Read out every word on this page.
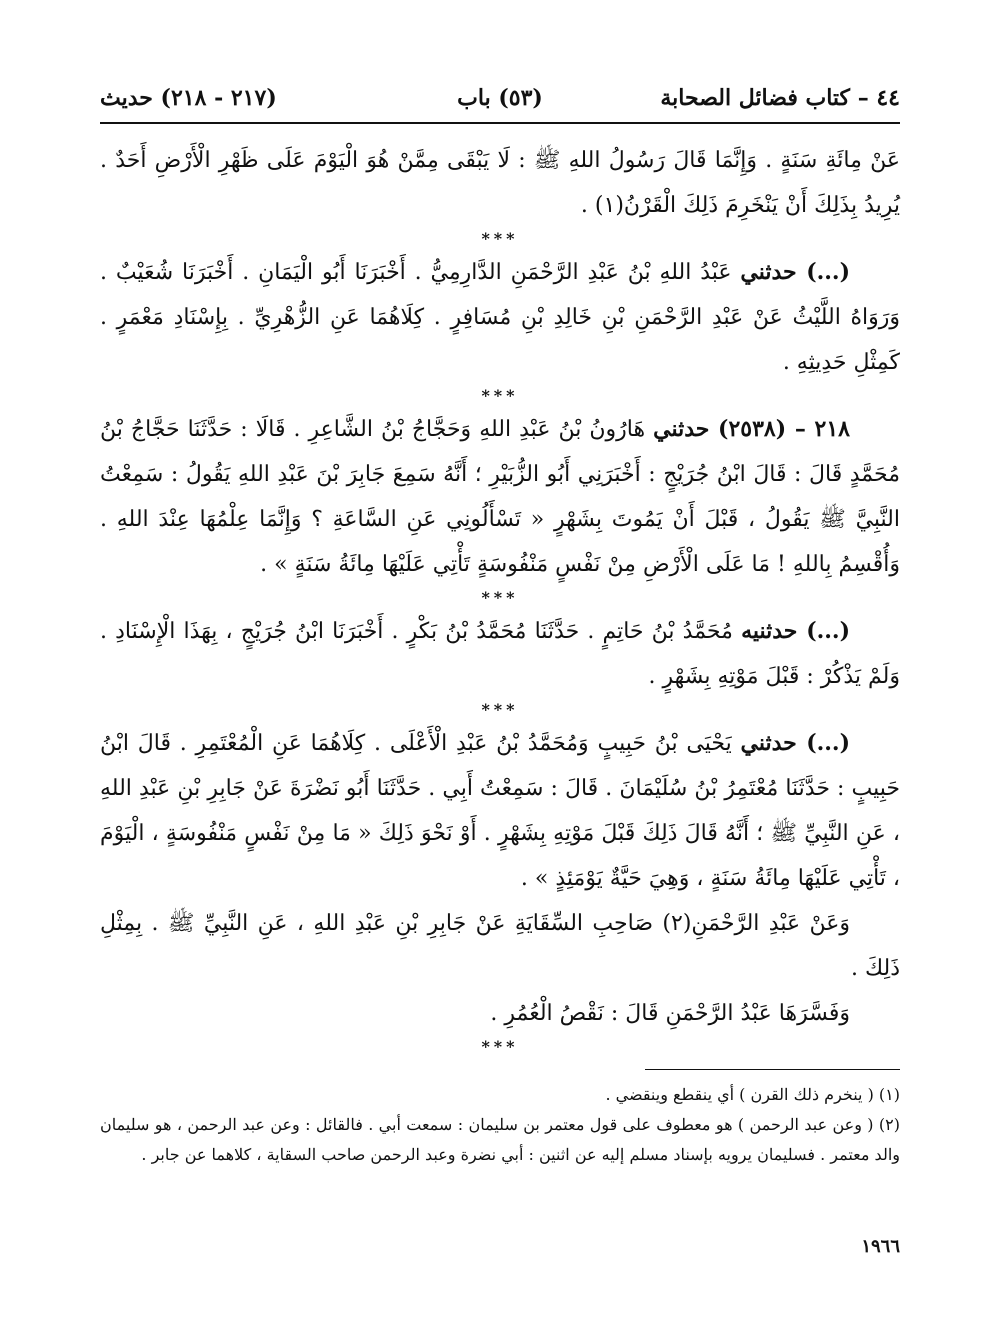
٤٤ – كتاب فضائل الصحابة
(٥٣) باب
(٢١٧ - ٢١٨) حديث

عَنْ مِائَةِ سَنَةٍ . وَإِنَّمَا قَالَ رَسُولُ اللهِ ﷺ : لَا يَبْقَى مِمَّنْ هُوَ الْيَوْمَ عَلَى ظَهْرِ الْأَرْضِ أَحَدٌ . يُرِيدُ بِذَلِكَ أَنْ يَنْخَرِمَ ذَلِكَ الْقَرْنُ(١) .

***

(...) حدثني عَبْدُ اللهِ بْنُ عَبْدِ الرَّحْمَنِ الدَّارِمِيُّ . أَخْبَرَنَا أَبُو الْيَمَانِ . أَخْبَرَنَا شُعَيْبٌ . وَرَوَاهُ اللَّيْثُ عَنْ عَبْدِ الرَّحْمَنِ بْنِ خَالِدِ بْنِ مُسَافِرٍ . كِلَاهُمَا عَنِ الزُّهْرِيِّ . بِإِسْنَادِ مَعْمَرٍ . كَمِثْلِ حَدِيثِهِ .

***

٢١٨ – (٢٥٣٨) حدثني هَارُونُ بْنُ عَبْدِ اللهِ وَحَجَّاجُ بْنُ الشَّاعِرِ . قَالَا : حَدَّثَنَا حَجَّاجُ بْنُ مُحَمَّدٍ قَالَ : قَالَ ابْنُ جُرَيْجٍ : أَخْبَرَنِي أَبُو الزُّبَيْرِ ؛ أَنَّهُ سَمِعَ جَابِرَ بْنَ عَبْدِ اللهِ يَقُولُ : سَمِعْتُ النَّبِيَّ ﷺ يَقُولُ ، قَبْلَ أَنْ يَمُوتَ بِشَهْرٍ « تَسْأَلُونِي عَنِ السَّاعَةِ ؟ وَإِنَّمَا عِلْمُهَا عِنْدَ اللهِ . وَأُقْسِمُ بِاللهِ ! مَا عَلَى الْأَرْضِ مِنْ نَفْسٍ مَنْفُوسَةٍ تَأْتِي عَلَيْهَا مِائَةُ سَنَةٍ » .

***

(...) حدثنيه مُحَمَّدُ بْنُ حَاتِمٍ . حَدَّثَنَا مُحَمَّدُ بْنُ بَكْرٍ . أَخْبَرَنَا ابْنُ جُرَيْجٍ ، بِهَذَا الْإِسْنَادِ . وَلَمْ يَذْكُرْ : قَبْلَ مَوْتِهِ بِشَهْرٍ .

***

(...) حدثني يَحْيَى بْنُ حَبِيبٍ وَمُحَمَّدُ بْنُ عَبْدِ الْأَعْلَى . كِلَاهُمَا عَنِ الْمُعْتَمِرِ . قَالَ ابْنُ حَبِيبٍ : حَدَّثَنَا مُعْتَمِرُ بْنُ سُلَيْمَانَ . قَالَ : سَمِعْتُ أَبِي . حَدَّثَنَا أَبُو نَضْرَةَ عَنْ جَابِرِ بْنِ عَبْدِ اللهِ ، عَنِ النَّبِيِّ ﷺ ؛ أَنَّهُ قَالَ ذَلِكَ قَبْلَ مَوْتِهِ بِشَهْرٍ . أَوْ نَحْوَ ذَلِكَ « مَا مِنْ نَفْسٍ مَنْفُوسَةٍ ، الْيَوْمَ ، تَأْتِي عَلَيْهَا مِائَةُ سَنَةٍ ، وَهِيَ حَيَّةٌ يَوْمَئِذٍ » .

وَعَنْ عَبْدِ الرَّحْمَنِ(٢) صَاحِبِ السِّقَايَةِ عَنْ جَابِرِ بْنِ عَبْدِ اللهِ ، عَنِ النَّبِيِّ ﷺ . بِمِثْلِ ذَلِكَ .

وَفَسَّرَهَا عَبْدُ الرَّحْمَنِ قَالَ : نَقْصُ الْعُمُرِ .

***

(١) ( ينخرم ذلك القرن ) أي ينقطع وينقضي .

(٢) ( وعن عبد الرحمن ) هو معطوف على قول معتمر بن سليمان : سمعت أبي . فالقائل : وعن عبد الرحمن ، هو سليمان والد معتمر . فسليمان يرويه بإسناد مسلم إليه عن اثنين : أبي نضرة وعبد الرحمن صاحب السقاية ، كلاهما عن جابر .

١٩٦٦
